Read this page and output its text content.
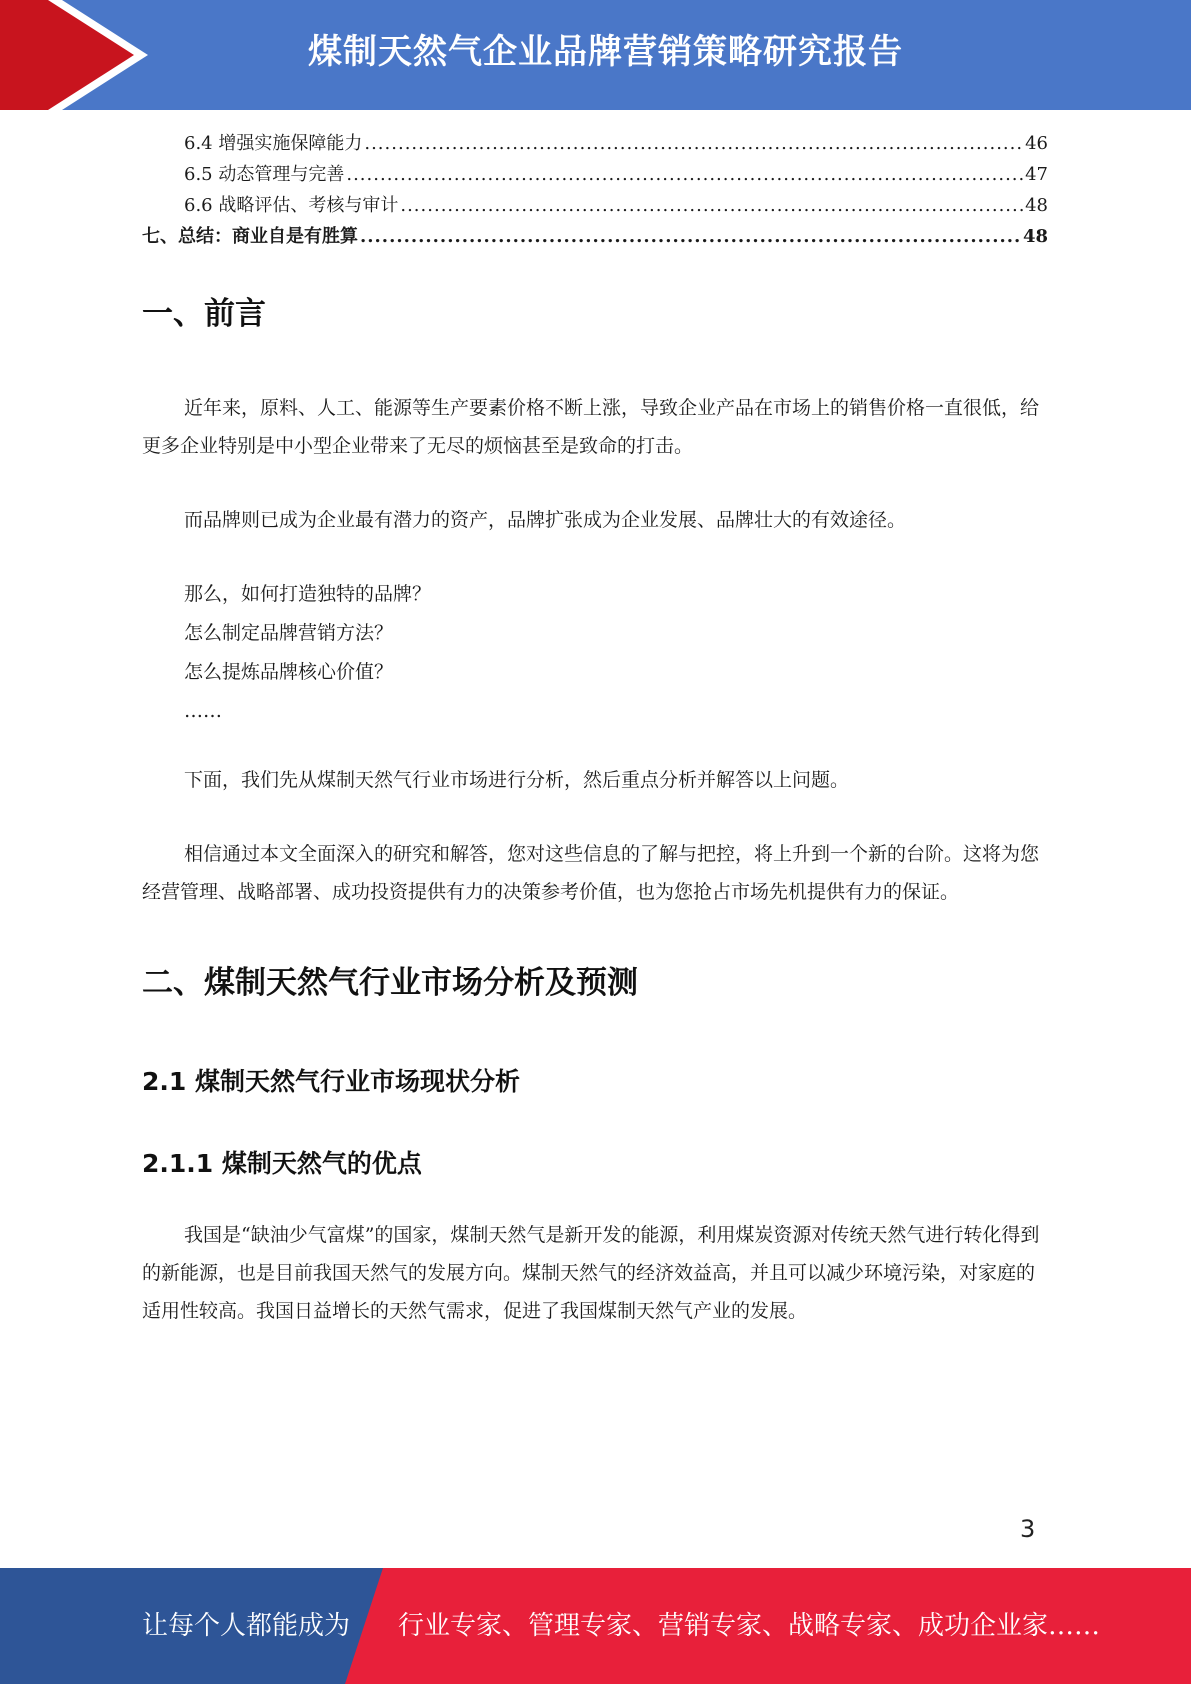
煤制天然气企业品牌营销策略研究报告
6.4 增强实施保障能力 .....	46
6.5 动态管理与完善 .....	47
6.6 战略评估、考核与审计 .....	48
七、总结：商业自是有胜算 .....	48
一、前言

近年来，原料、人工、能源等生产要素价格不断上涨，导致企业产品在市场上的销售价格一直很低，给更多企业特别是中小型企业带来了无尽的烦恼甚至是致命的打击。

而品牌则已成为企业最有潜力的资产，品牌扩张成为企业发展、品牌壮大的有效途径。

那么，如何打造独特的品牌？
怎么制定品牌营销方法？
怎么提炼品牌核心价值？
……

下面，我们先从煤制天然气行业市场进行分析，然后重点分析并解答以上问题。

相信通过本文全面深入的研究和解答，您对这些信息的了解与把控，将上升到一个新的台阶。这将为您经营管理、战略部署、成功投资提供有力的决策参考价值，也为您抢占市场先机提供有力的保证。

二、煤制天然气行业市场分析及预测
2.1 煤制天然气行业市场现状分析
2.1.1 煤制天然气的优点

我国是“缺油少气富煤”的国家，煤制天然气是新开发的能源，利用煤炭资源对传统天然气进行转化得到的新能源，也是目前我国天然气的发展方向。煤制天然气的经济效益高，并且可以减少环境污染，对家庭的适用性较高。我国日益增长的天然气需求，促进了我国煤制天然气产业的发展。

3
让每个人都能成为 行业专家、管理专家、营销专家、战略专家、成功企业家……
